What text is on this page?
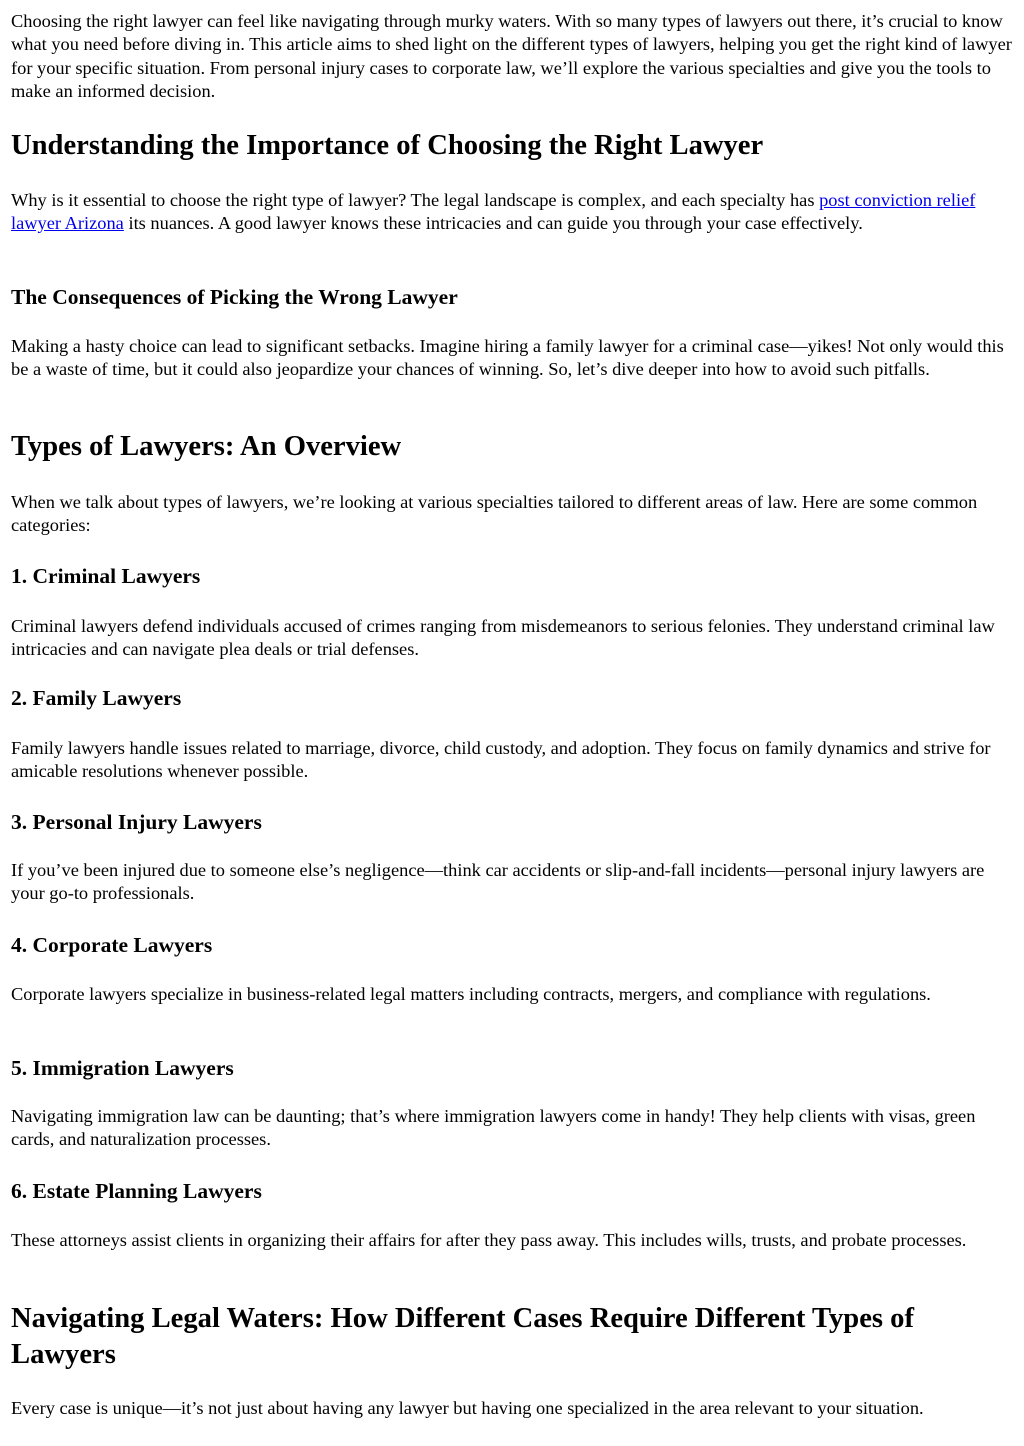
Choosing the right lawyer can feel like navigating through murky waters. With so many types of lawyers out there, it’s crucial to know what you need before diving in. This article aims to shed light on the different types of lawyers, helping you get the right kind of lawyer for your specific situation. From personal injury cases to corporate law, we’ll explore the various specialties and give you the tools to make an informed decision.

Understanding the Importance of Choosing the Right Lawyer

Why is it essential to choose the right type of lawyer? The legal landscape is complex, and each specialty has post conviction relief lawyer Arizona its nuances. A good lawyer knows these intricacies and can guide you through your case effectively.

The Consequences of Picking the Wrong Lawyer

Making a hasty choice can lead to significant setbacks. Imagine hiring a family lawyer for a criminal case—yikes! Not only would this be a waste of time, but it could also jeopardize your chances of winning. So, let’s dive deeper into how to avoid such pitfalls.

Types of Lawyers: An Overview

When we talk about types of lawyers, we’re looking at various specialties tailored to different areas of law. Here are some common categories:

1. Criminal Lawyers

Criminal lawyers defend individuals accused of crimes ranging from misdemeanors to serious felonies. They understand criminal law intricacies and can navigate plea deals or trial defenses.

2. Family Lawyers

Family lawyers handle issues related to marriage, divorce, child custody, and adoption. They focus on family dynamics and strive for amicable resolutions whenever possible.

3. Personal Injury Lawyers

If you’ve been injured due to someone else’s negligence—think car accidents or slip-and-fall incidents—personal injury lawyers are your go-to professionals.

4. Corporate Lawyers

Corporate lawyers specialize in business-related legal matters including contracts, mergers, and compliance with regulations.

5. Immigration Lawyers

Navigating immigration law can be daunting; that’s where immigration lawyers come in handy! They help clients with visas, green cards, and naturalization processes.

6. Estate Planning Lawyers

These attorneys assist clients in organizing their affairs for after they pass away. This includes wills, trusts, and probate processes.

Navigating Legal Waters: How Different Cases Require Different Types of Lawyers

Every case is unique—it’s not just about having any lawyer but having one specialized in the area relevant to your situation.
